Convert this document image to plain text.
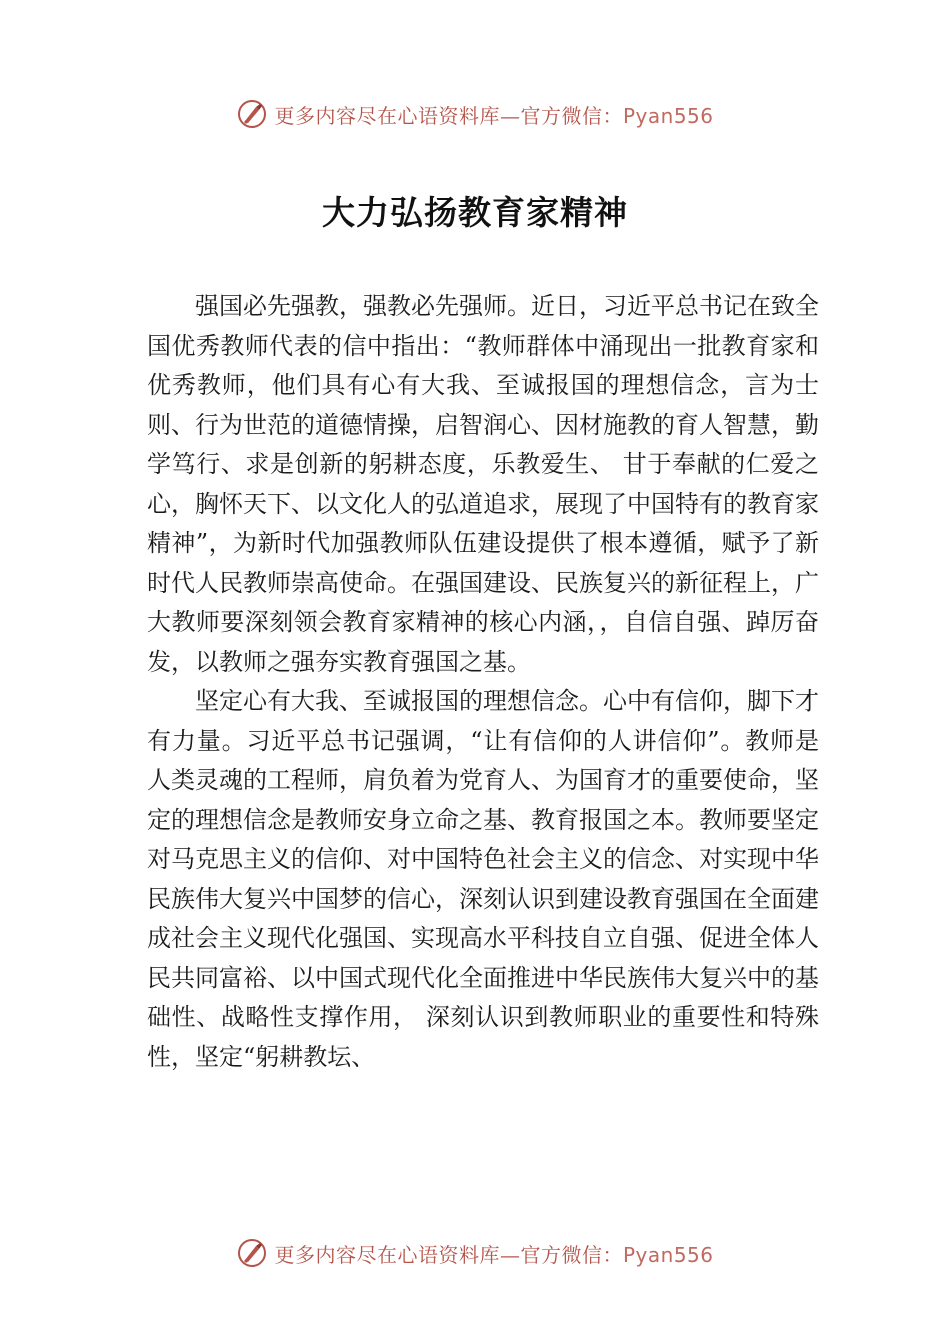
更多内容尽在心语资料库—官方微信：Pyan556
大力弘扬教育家精神

强国必先强教，强教必先强师。近日，习近平总书记在致全国优秀教师代表的信中指出：“教师群体中涌现出一批教育家和优秀教师，他们具有心有大我、至诚报国的理想信念，言为士则、行为世范的道德情操，启智润心、因材施教的育人智慧，勤学笃行、求是创新的躬耕态度，乐教爱生、 甘于奉献的仁爱之心，胸怀天下、以文化人的弘道追求，展现了中国特有的教育家精神”，为新时代加强教师队伍建设提供了根本遵循，赋予了新时代人民教师崇高使命。在强国建设、民族复兴的新征程上，广大教师要深刻领会教育家精神的核心内涵，，自信自强、踔厉奋发，以教师之强夯实教育强国之基。

坚定心有大我、至诚报国的理想信念。心中有信仰，脚下才有力量。习近平总书记强调，“让有信仰的人讲信仰”。教师是人类灵魂的工程师，肩负着为党育人、为国育才的重要使命，坚定的理想信念是教师安身立命之基、教育报国之本。教师要坚定对马克思主义的信仰、对中国特色社会主义的信念、对实现中华民族伟大复兴中国梦的信心，深刻认识到建设教育强国在全面建成社会主义现代化强国、实现高水平科技自立自强、促进全体人民共同富裕、以中国式现代化全面推进中华民族伟大复兴中的基础性、战略性支撑作用， 深刻认识到教师职业的重要性和特殊性，坚定“躬耕教坛、

更多内容尽在心语资料库—官方微信：Pyan556
